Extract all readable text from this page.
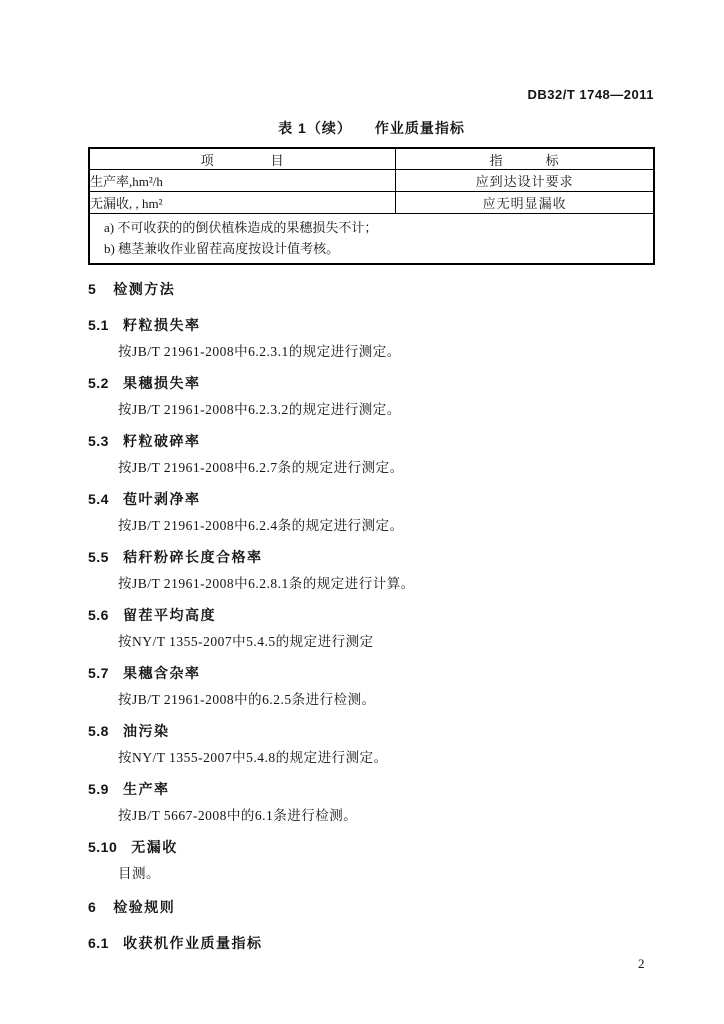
DB32/T 1748—2011
表 1（续）　　作业质量指标
项　　　　目	指　　　标
生产率,hm²/h	应到达设计要求
无漏收, , hm²	应无明显漏收

a) 不可收获的的倒伏植株造成的果穗损失不计；
b) 穗茎兼收作业留茬高度按设计值考核。	
5 检测方法
5.1 籽粒损失率

按JB/T 21961-2008中6.2.3.1的规定进行测定。

5.2 果穗损失率

按JB/T 21961-2008中6.2.3.2的规定进行测定。

5.3 籽粒破碎率

按JB/T 21961-2008中6.2.7条的规定进行测定。

5.4 苞叶剥净率

按JB/T 21961-2008中6.2.4条的规定进行测定。

5.5 秸秆粉碎长度合格率

按JB/T 21961-2008中6.2.8.1条的规定进行计算。

5.6 留茬平均高度

按NY/T 1355-2007中5.4.5的规定进行测定

5.7 果穗含杂率

按JB/T 21961-2008中的6.2.5条进行检测。

5.8 油污染

按NY/T 1355-2007中5.4.8的规定进行测定。

5.9 生产率

按JB/T 5667-2008中的6.1条进行检测。

5.10 无漏收

目测。

6 检验规则
6.1 收获机作业质量指标
2
